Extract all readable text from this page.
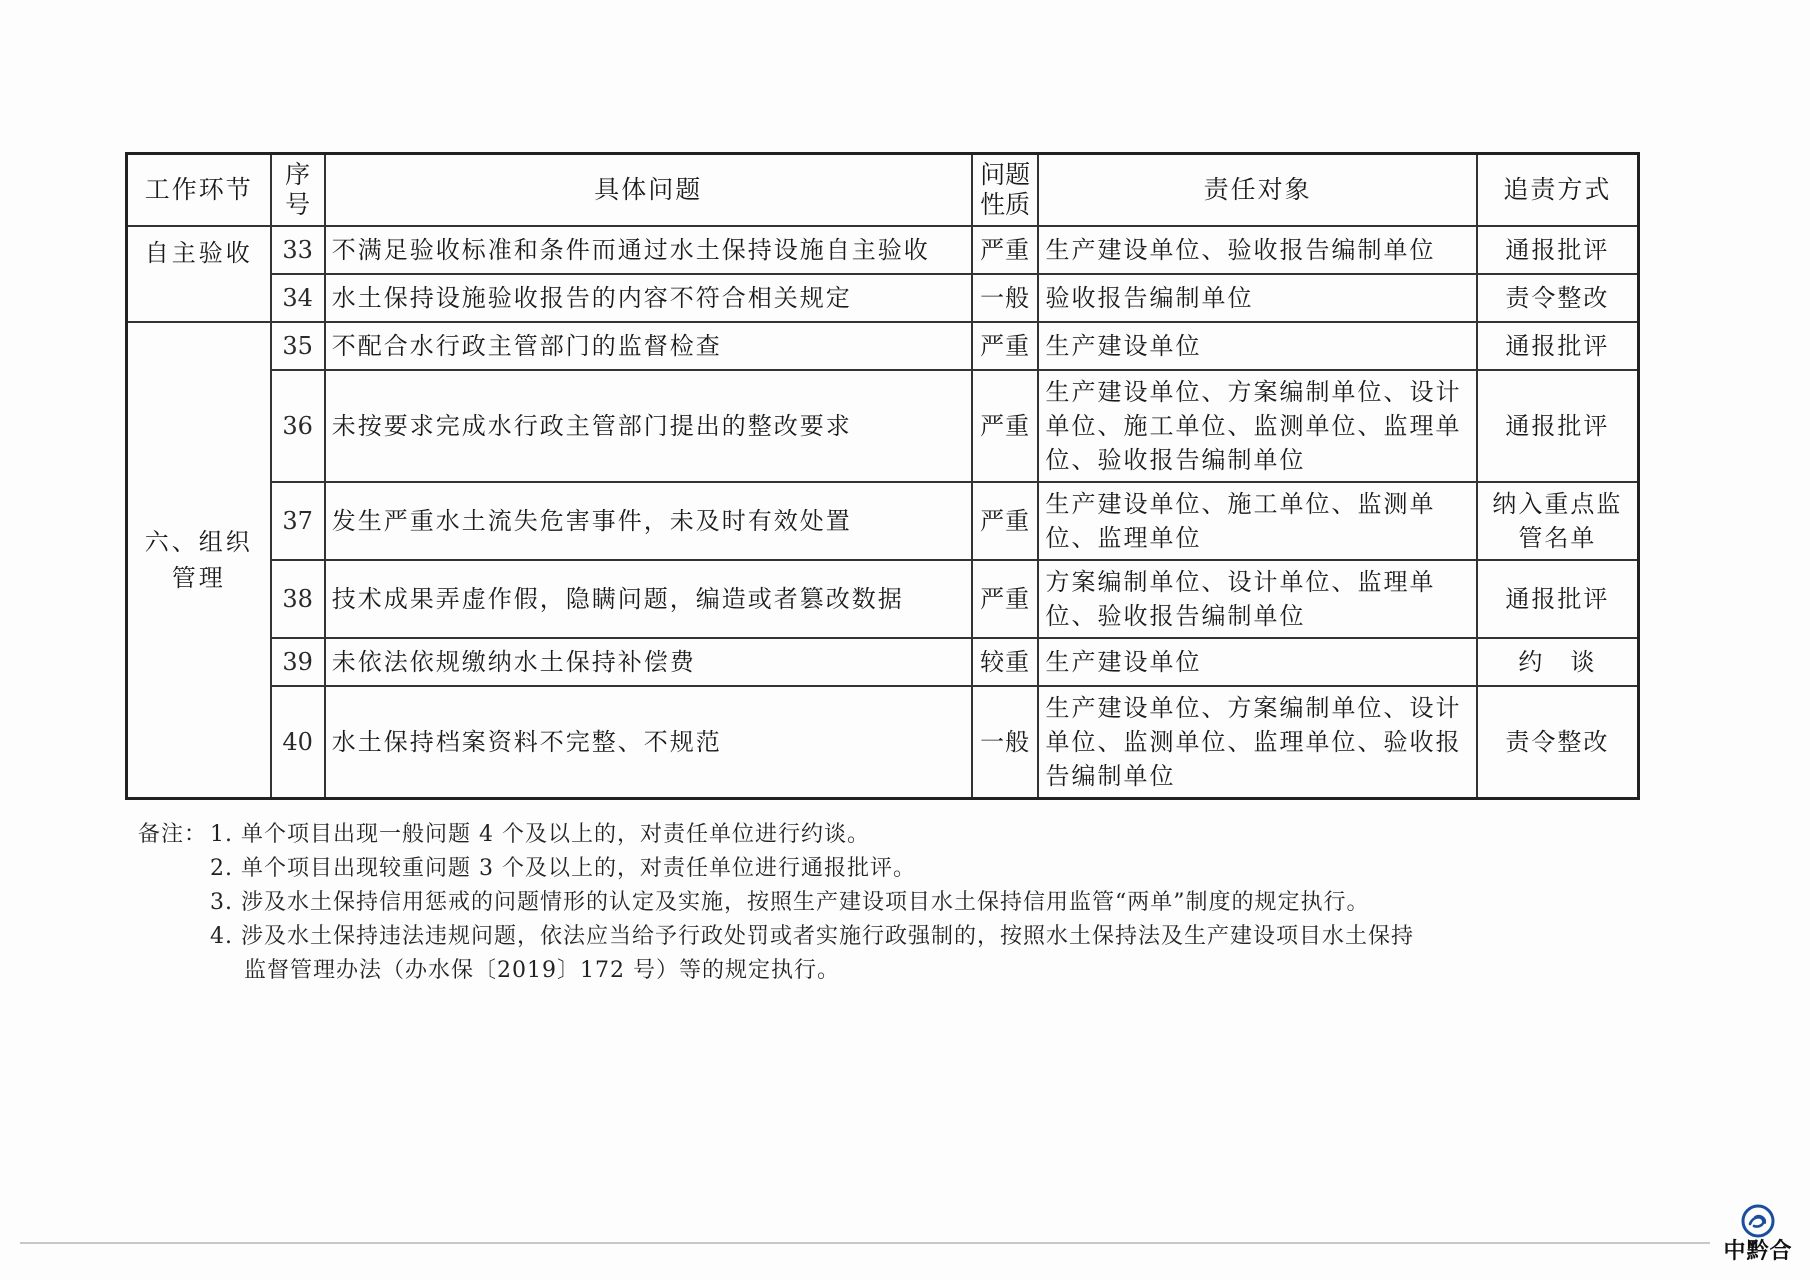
工作环节	序号	具体问题	问题性质	责任对象	追责方式
自主验收	33	不满足验收标准和条件而通过水土保持设施自主验收	严重	生产建设单位、验收报告编制单位	通报批评
	34	水土保持设施验收报告的内容不符合相关规定	一般	验收报告编制单位	责令整改
六、组织管理	35	不配合水行政主管部门的监督检查	严重	生产建设单位	通报批评
	36	未按要求完成水行政主管部门提出的整改要求	严重	生产建设单位、方案编制单位、设计单位、施工单位、监测单位、监理单位、验收报告编制单位	通报批评
	37	发生严重水土流失危害事件，未及时有效处置	严重	生产建设单位、施工单位、监测单位、监理单位	纳入重点监管名单
	38	技术成果弄虚作假，隐瞒问题，编造或者篡改数据	严重	方案编制单位、设计单位、监理单位、验收报告编制单位	通报批评
	39	未依法依规缴纳水土保持补偿费	较重	生产建设单位	约　谈
	40	水土保持档案资料不完整、不规范	一般	生产建设单位、方案编制单位、设计单位、监测单位、监理单位、验收报告编制单位	责令整改
备注： 1. 单个项目出现一般问题 4 个及以上的，对责任单位进行约谈。
2. 单个项目出现较重问题 3 个及以上的，对责任单位进行通报批评。
3. 涉及水土保持信用惩戒的问题情形的认定及实施，按照生产建设项目水土保持信用监管“两单”制度的规定执行。
4. 涉及水土保持违法违规问题，依法应当给予行政处罚或者实施行政强制的，按照水土保持法及生产建设项目水土保持
监督管理办法（办水保〔2019〕172 号）等的规定执行。
中黔合
